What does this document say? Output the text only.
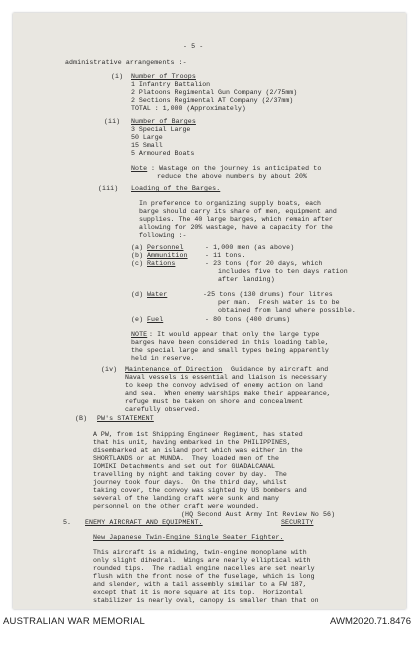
- 5 -
administrative arrangements :-
(i) Number of Troops
1 Infantry Battalion
2 Platoons Regimental Gun Company (2/75mm)
2 Sections Regimental AT Company (2/37mm)
TOTAL : 1,000 (Approximately)
(ii) Number of Barges
3 Special Large
50 Large
15 Small
5 Armoured Boats
Note : Wastage on the journey is anticipated to
reduce the above numbers by about 20%
(iii) Loading of the Barges.
In preference to organizing supply boats, each
barge should carry its share of men, equipment and
supplies. The 40 large barges, which remain after
allowing for 20% wastage, have a capacity for the
following :-
(a) Personnel	- 1,000 men (as above)
(b) Ammunition	- 11 tons.
(c) Rations	- 23 tons (for 20 days, which
includes five to ten days ration
after landing)
(d) Water	-25 tons (130 drums) four litres
per man.  Fresh water is to be
obtained from land where possible.
(e) Fuel	- 80 tons (400 drums)
NOTE : It would appear that only the large type
barges have been considered in this loading table,
the special large and small types being apparently
held in reserve.
(iv) Maintenance of Direction Guidance by aircraft and
Naval vessels is essential and liaison is necessary
to keep the convoy advised of enemy action on land
and sea.  When enemy warships make their appearance,
refuge must be taken on shore and concealment
carefully observed.
(B) PW's STATEMENT
A PW, from 1st Shipping Engineer Regiment, has stated
that his unit, having embarked in the PHILIPPINES,
disembarked at an island port which was either in the
SHORTLANDS or at MUNDA.  They loaded men of the
IOMIKI Detachments and set out for GUADALCANAL
travelling by night and taking cover by day.  The
journey took four days.  On the third day, whilst
taking cover, the convoy was sighted by US bombers and
several of the landing craft were sunk and many
personnel on the other craft were wounded.
(HQ Second Aust Army Int Review No 56)
5. ENEMY AIRCRAFT AND EQUIPMENT.	SECURITY
New Japanese Twin-Engine Single Seater Fighter.
This aircraft is a midwing, twin-engine monoplane with
only slight dihedral.  Wings are nearly elliptical with
rounded tips.  The radial engine nacelles are set nearly
flush with the front nose of the fuselage, which is long
and slender, with a tail assembly similar to a FW 187,
except that it is more square at its top.  Horizontal
stabilizer is nearly oval, canopy is smaller than that on
AUSTRALIAN WAR MEMORIAL	AWM2020.71.8476
